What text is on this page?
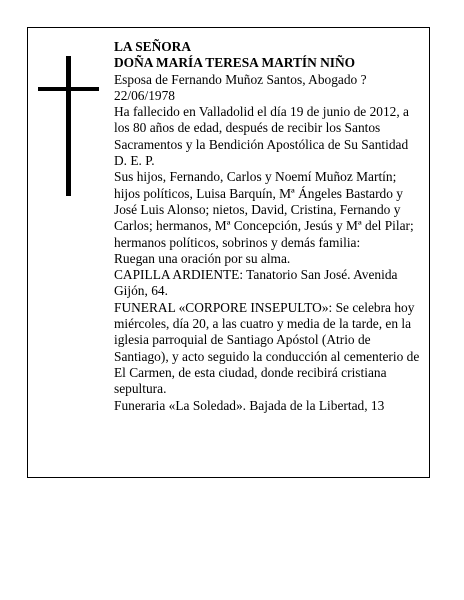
LA SEÑORA

DOÑA MARÍA TERESA MARTÍN NIÑO

Esposa de Fernando Muñoz Santos, Abogado ? 22/06/1978

Ha fallecido en Valladolid el día 19 de junio de 2012, a los 80 años de edad, después de recibir los Santos Sacramentos y la Bendición Apostólica de Su Santidad

D. E. P.

Sus hijos, Fernando, Carlos y Noemí Muñoz Martín; hijos políticos, Luisa Barquín, Mª Ángeles Bastardo y José Luis Alonso; nietos, David, Cristina, Fernando y Carlos; hermanos, Mª Concepción, Jesús y Mª del Pilar; hermanos políticos, sobrinos y demás familia:

Ruegan una oración por su alma.

CAPILLA ARDIENTE: Tanatorio San José. Avenida Gijón, 64.

FUNERAL «CORPORE INSEPULTO»: Se celebra hoy miércoles, día 20, a las cuatro y media de la tarde, en la iglesia parroquial de Santiago Apóstol (Atrio de Santiago), y acto seguido la conducción al cementerio de El Carmen, de esta ciudad, donde recibirá cristiana sepultura.

Funeraria «La Soledad». Bajada de la Libertad, 13
